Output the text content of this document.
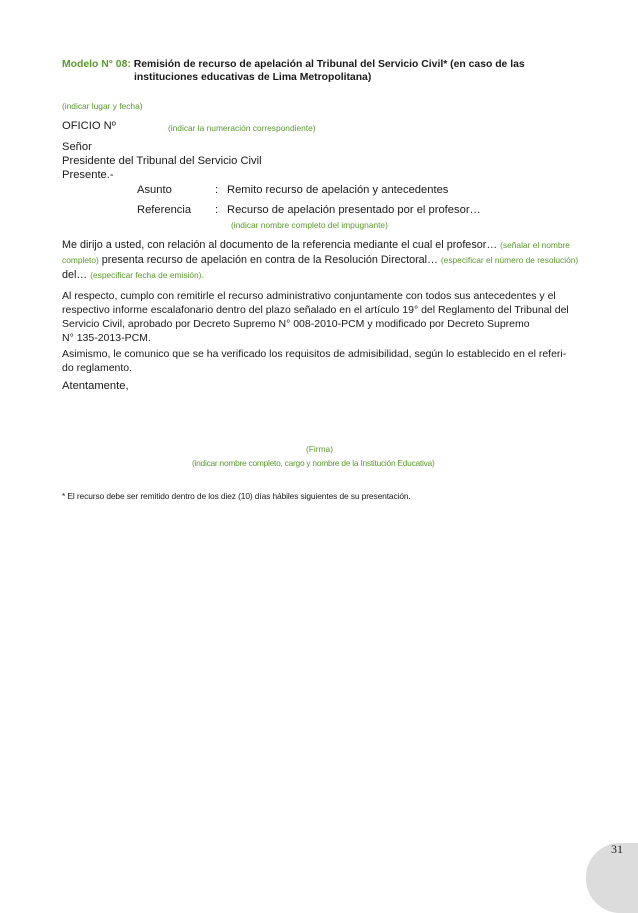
Modelo N° 08: Remisión de recurso de apelación al Tribunal del Servicio Civil* (en caso de las
instituciones educativas de Lima Metropolitana)
(indicar lugar y fecha)
OFICIO Nº	(indicar la numeración correspondiente)
Señor
Presidente del Tribunal del Servicio Civil
Presente.-
Asunto	: Remito recurso de apelación y antecedentes
Referencia : Recurso de apelación presentado por el profesor…
(indicar nombre completo del impugnante)
Me dirijo a usted, con relación al documento de la referencia mediante el cual el profesor… (señalar el nombre
completo) presenta recurso de apelación en contra de la Resolución Directoral… (especificar el número de resolución)
del… (especificar fecha de emisión).
Al respecto, cumplo con remitirle el recurso administrativo conjuntamente con todos sus antecedentes y el
respectivo informe escalafonario dentro del plazo señalado en el artículo 19° del Reglamento del Tribunal del
Servicio Civil, aprobado por Decreto Supremo N° 008-2010-PCM y modificado por Decreto Supremo
N° 135-2013-PCM.
Asimismo, le comunico que se ha verificado los requisitos de admisibilidad, según lo establecido en el referi-
do reglamento.
Atentamente,
(Firma)
(indicar nombre completo, cargo y nombre de la Institución Educativa)
* El recurso debe ser remitido dentro de los diez (10) días hábiles siguientes de su presentación.
31
